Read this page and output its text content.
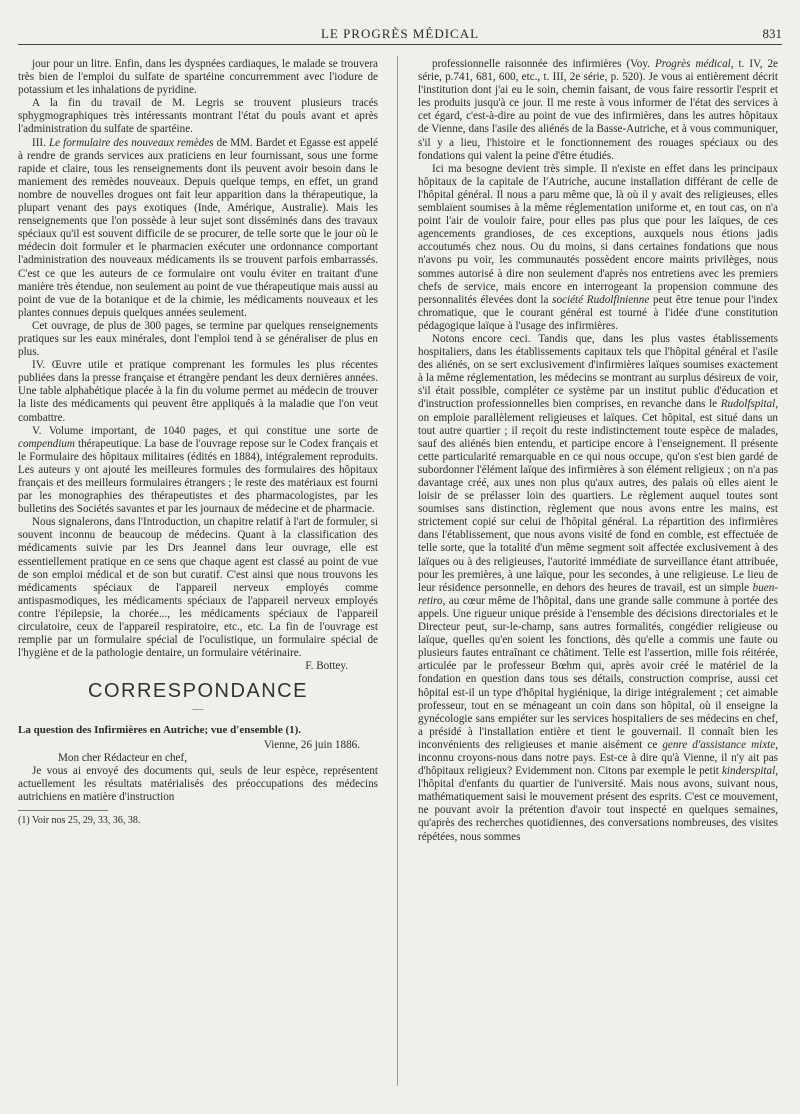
LE PROGRÈS MÉDICAL	831

jour pour un litre. Enfin, dans les dyspnées cardiaques, le malade se trouvera très bien de l'emploi du sulfate de spartéine concurremment avec l'iodure de potassium et les inhalations de pyridine.

A la fin du travail de M. Legris se trouvent plusieurs tracés sphygmographiques très intéressants montrant l'état du pouls avant et après l'administration du sulfate de spartéine.

III. Le formulaire des nouveaux remèdes de MM. Bardet et Egasse est appelé à rendre de grands services aux praticiens en leur fournissant, sous une forme rapide et claire, tous les renseignements dont ils peuvent avoir besoin dans le maniement des remèdes nouveaux. Depuis quelque temps, en effet, un grand nombre de nouvelles drogues ont fait leur apparition dans la thérapeutique, la plupart venant des pays exotiques (Inde, Amérique, Australie). Mais les renseignements que l'on possède à leur sujet sont disséminés dans des travaux spéciaux qu'il est souvent difficile de se procurer, de telle sorte que le jour où le médecin doit formuler et le pharmacien exécuter une ordonnance comportant l'administration des nouveaux médicaments ils se trouvent parfois embarrassés. C'est ce que les auteurs de ce formulaire ont voulu éviter en traitant d'une manière très étendue, non seulement au point de vue thérapeutique mais aussi au point de vue de la botanique et de la chimie, les médicaments nouveaux et les plantes connues depuis quelques années seulement.

Cet ouvrage, de plus de 300 pages, se termine par quelques renseignements pratiques sur les eaux minérales, dont l'emploi tend à se généraliser de plus en plus.

IV. Œuvre utile et pratique comprenant les formules les plus récentes publiées dans la presse française et étrangère pendant les deux dernières années. Une table alphabétique placée à la fin du volume permet au médecin de trouver la liste des médicaments qui peuvent être appliqués à la maladie que l'on veut combattre.

V. Volume important, de 1040 pages, et qui constitue une sorte de compendium thérapeutique. La base de l'ouvrage repose sur le Codex français et le Formulaire des hôpitaux militaires (édités en 1884), intégralement reproduits. Les auteurs y ont ajouté les meilleures formules des formulaires des hôpitaux français et des meilleurs formulaires étrangers ; le reste des matériaux est fourni par les monographies des thérapeutistes et des pharmacologistes, par les bulletins des Sociétés savantes et par les journaux de médecine et de pharmacie.

Nous signalerons, dans l'Introduction, un chapitre relatif à l'art de formuler, si souvent inconnu de beaucoup de médecins. Quant à la classification des médicaments suivie par les Drs Jeannel dans leur ouvrage, elle est essentiellement pratique en ce sens que chaque agent est classé au point de vue de son emploi médical et de son but curatif. C'est ainsi que nous trouvons les médicaments spéciaux de l'appareil nerveux employés comme antispasmodiques, les médicaments spéciaux de l'appareil nerveux employés contre l'épilepsie, la chorée..., les médicaments spéciaux de l'appareil circulatoire, ceux de l'appareil respiratoire, etc., etc. La fin de l'ouvrage est remplie par un formulaire spécial de l'oculistique, un formulaire spécial de l'hygiène et de la pathologie dentaire, un formulaire vétérinaire.

F. Bottey.

CORRESPONDANCE
—

La question des Infirmières en Autriche; vue d'ensemble (1).

Vienne, 26 juin 1886.

Mon cher Rédacteur en chef,

Je vous ai envoyé des documents qui, seuls de leur espèce, représentent actuellement les résultats matérialisés des préoccupations des médecins autrichiens en matière d'instruction

(1) Voir nos 25, 29, 33, 36, 38.

professionnelle raisonnée des infirmières (Voy. Progrès médical, t. IV, 2e série, p.741, 681, 600, etc., t. III, 2e série, p. 520). Je vous ai entièrement décrit l'institution dont j'ai eu le soin, chemin faisant, de vous faire ressortir l'esprit et les produits jusqu'à ce jour. Il me reste à vous informer de l'état des services à cet égard, c'est-à-dire au point de vue des infirmières, dans les autres hôpitaux de Vienne, dans l'asile des aliénés de la Basse-Autriche, et à vous communiquer, s'il y a lieu, l'histoire et le fonctionnement des rouages spéciaux ou des fondations qui valent la peine d'être étudiés.

Ici ma besogne devient très simple. Il n'existe en effet dans les principaux hôpitaux de la capitale de l'Autriche, aucune installation différant de celle de l'hôpital général. Il nous a paru même que, là où il y avait des religieuses, elles semblaient soumises à la même réglementation uniforme et, en tout cas, on n'a point l'air de vouloir faire, pour elles pas plus que pour les laïques, de ces agencements grandioses, de ces exceptions, auxquels nous étions jadis accoutumés chez nous. Ou du moins, si dans certaines fondations que nous n'avons pu voir, les communautés possèdent encore maints privilèges, nous sommes autorisé à dire non seulement d'après nos entretiens avec les premiers chefs de service, mais encore en interrogeant la propension commune des personnalités élevées dont la société Rudolfinienne peut être tenue pour l'index chromatique, que le courant général est tourné à l'idée d'une constitution pédagogique laïque à l'usage des infirmières.

Notons encore ceci. Tandis que, dans les plus vastes établissements hospitaliers, dans les établissements capitaux tels que l'hôpital général et l'asile des aliénés, on se sert exclusivement d'infirmières laïques soumises exactement à la même réglementation, les médecins se montrant au surplus désireux de voir, s'il était possible, compléter ce système par un institut public d'éducation et d'instruction professionnelles bien comprises, en revanche dans le Rudolfspital, on emploie parallèlement religieuses et laïques. Cet hôpital, est situé dans un tout autre quartier ; il reçoit du reste indistinctement toute espèce de malades, sauf des aliénés bien entendu, et participe encore à l'enseignement. Il présente cette particularité remarquable en ce qui nous occupe, qu'on s'est bien gardé de subordonner l'élément laïque des infirmières à son élément religieux ; on n'a pas davantage créé, aux unes non plus qu'aux autres, des palais où elles aient le loisir de se prélasser loin des quartiers. Le règlement auquel toutes sont soumises sans distinction, règlement que nous avons entre les mains, est strictement copié sur celui de l'hôpital général. La répartition des infirmières dans l'établissement, que nous avons visité de fond en comble, est effectuée de telle sorte, que la totalité d'un même segment soit affectée exclusivement à des laïques ou à des religieuses, l'autorité immédiate de surveillance étant attribuée, pour les premières, à une laïque, pour les secondes, à une religieuse. Le lieu de leur résidence personnelle, en dehors des heures de travail, est un simple buen-retiro, au cœur même de l'hôpital, dans une grande salle commune à portée des appels. Une rigueur unique préside à l'ensemble des décisions directoriales et le Directeur peut, sur-le-champ, sans autres formalités, congédier religieuse ou laïque, quelles qu'en soient les fonctions, dès qu'elle a commis une faute ou plusieurs fautes entraînant ce châtiment. Telle est l'assertion, mille fois réitérée, articulée par le professeur Bœhm qui, après avoir créé le matériel de la fondation en question dans tous ses détails, construction comprise, aussi cet hôpital est-il un type d'hôpital hygiénique, la dirige intégralement ; cet aimable professeur, tout en se ménageant un coin dans son hôpital, où il enseigne la gynécologie sans empiéter sur les services hospitaliers de ses médecins en chef, a présidé à l'installation entière et tient le gouvernail. Il connaît bien les inconvénients des religieuses et manie aisément ce genre d'assistance mixte, inconnu croyons-nous dans notre pays. Est-ce à dire qu'à Vienne, il n'y ait pas d'hôpitaux religieux? Evidemment non. Citons par exemple le petit kinderspital, l'hôpital d'enfants du quartier de l'université. Mais nous avons, suivant nous, mathématiquement saisi le mouvement présent des esprits. C'est ce mouvement, ne pouvant avoir la prétention d'avoir tout inspecté en quelques semaines, qu'après des recherches quotidiennes, des conversations nombreuses, des visites répétées, nous sommes
